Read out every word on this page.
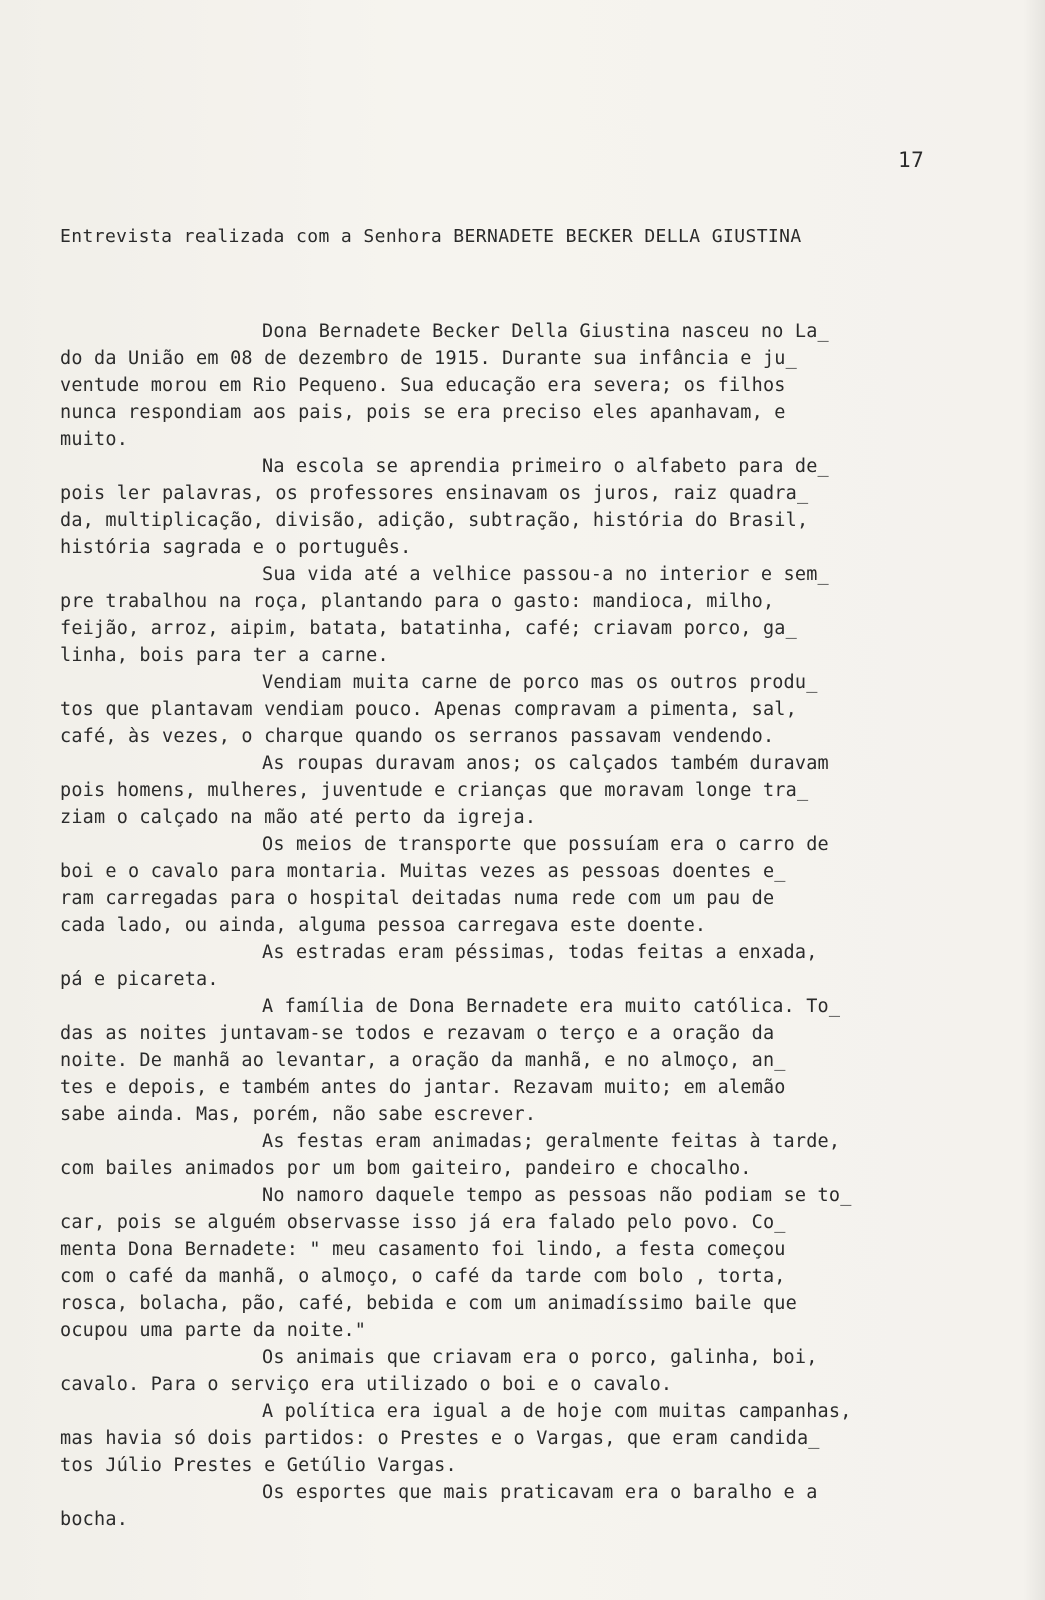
17
Entrevista realizada com a Senhora BERNADETE BECKER DELLA GIUSTINA
Dona Bernadete Becker Della Giustina nasceu no La_
do da União em 08 de dezembro de 1915. Durante sua infância e ju_
ventude morou em Rio Pequeno. Sua educação era severa; os filhos
nunca respondiam aos pais, pois se era preciso eles apanhavam, e
muito.
Na escola se aprendia primeiro o alfabeto para de_
pois ler palavras, os professores ensinavam os juros, raiz quadra_
da, multiplicação, divisão, adição, subtração, história do Brasil,
história sagrada e o português.
Sua vida até a velhice passou-a no interior e sem_
pre trabalhou na roça, plantando para o gasto: mandioca, milho,
feijão, arroz, aipim, batata, batatinha, café; criavam porco, ga_
linha, bois para ter a carne.
Vendiam muita carne de porco mas os outros produ_
tos que plantavam vendiam pouco. Apenas compravam a pimenta, sal,
café, às vezes, o charque quando os serranos passavam vendendo.
As roupas duravam anos; os calçados também duravam
pois homens, mulheres, juventude e crianças que moravam longe tra_
ziam o calçado na mão até perto da igreja.
Os meios de transporte que possuíam era o carro de
boi e o cavalo para montaria. Muitas vezes as pessoas doentes e_
ram carregadas para o hospital deitadas numa rede com um pau de
cada lado, ou ainda, alguma pessoa carregava este doente.
As estradas eram péssimas, todas feitas a enxada,
pá e picareta.
A família de Dona Bernadete era muito católica. To_
das as noites juntavam-se todos e rezavam o terço e a oração da
noite. De manhã ao levantar, a oração da manhã, e no almoço, an_
tes e depois, e também antes do jantar. Rezavam muito; em alemão
sabe ainda. Mas, porém, não sabe escrever.
As festas eram animadas; geralmente feitas à tarde,
com bailes animados por um bom gaiteiro, pandeiro e chocalho.
No namoro daquele tempo as pessoas não podiam se to_
car, pois se alguém observasse isso já era falado pelo povo. Co_
menta Dona Bernadete: " meu casamento foi lindo, a festa começou
com o café da manhã, o almoço, o café da tarde com bolo , torta,
rosca, bolacha, pão, café, bebida e com um animadíssimo baile que
ocupou uma parte da noite."
Os animais que criavam era o porco, galinha, boi,
cavalo. Para o serviço era utilizado o boi e o cavalo.
A política era igual a de hoje com muitas campanhas,
mas havia só dois partidos: o Prestes e o Vargas, que eram candida_
tos Júlio Prestes e Getúlio Vargas.
Os esportes que mais praticavam era o baralho e a
bocha.
